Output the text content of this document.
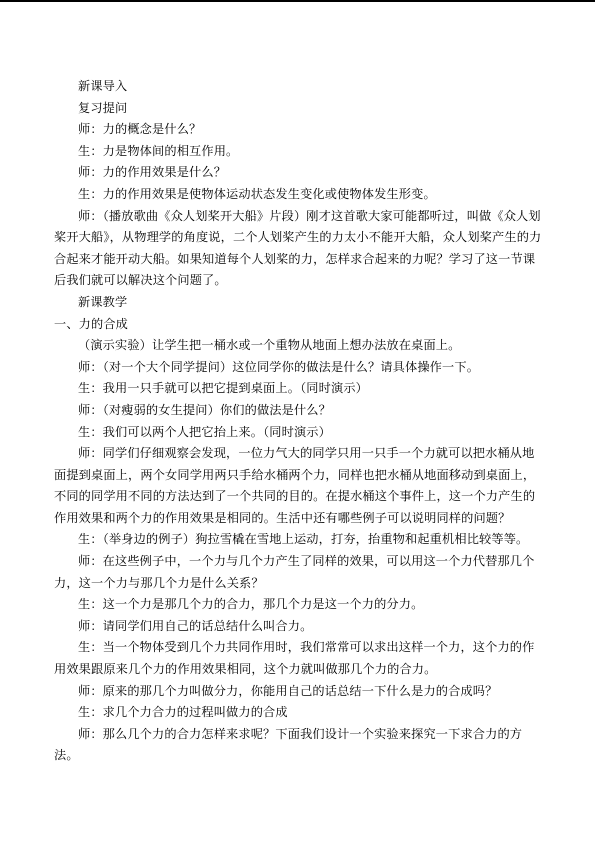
新课导入

复习提问

师：力的概念是什么？

生：力是物体间的相互作用。

师：力的作用效果是什么？

生：力的作用效果是使物体运动状态发生变化或使物体发生形变。

师：（播放歌曲《众人划桨开大船》片段）刚才这首歌大家可能都听过，叫做《众人划桨开大船》，从物理学的角度说，二个人划桨产生的力太小不能开大船，众人划桨产生的力合起来才能开动大船。如果知道每个人划桨的力，怎样求合起来的力呢？学习了这一节课后我们就可以解决这个问题了。

新课教学

一、力的合成

（演示实验）让学生把一桶水或一个重物从地面上想办法放在桌面上。

师：（对一个大个同学提问）这位同学你的做法是什么？请具体操作一下。

生：我用一只手就可以把它提到桌面上。（同时演示）

师：（对瘦弱的女生提问）你们的做法是什么？

生：我们可以两个人把它抬上来。（同时演示）

师：同学们仔细观察会发现，一位力气大的同学只用一只手一个力就可以把水桶从地面提到桌面上，两个女同学用两只手给水桶两个力，同样也把水桶从地面移动到桌面上，不同的同学用不同的方法达到了一个共同的目的。在提水桶这个事件上，这一个力产生的作用效果和两个力的作用效果是相同的。生活中还有哪些例子可以说明同样的问题？

生：（举身边的例子）狗拉雪橇在雪地上运动，打夯，抬重物和起重机相比较等等。

师：在这些例子中，一个力与几个力产生了同样的效果，可以用这一个力代替那几个力，这一个力与那几个力是什么关系？

生：这一个力是那几个力的合力，那几个力是这一个力的分力。

师：请同学们用自己的话总结什么叫合力。

生：当一个物体受到几个力共同作用时，我们常常可以求出这样一个力，这个力的作用效果跟原来几个力的作用效果相同，这个力就叫做那几个力的合力。

师：原来的那几个力叫做分力，你能用自己的话总结一下什么是力的合成吗？

生：求几个力合力的过程叫做力的合成

师：那么几个力的合力怎样来求呢？下面我们设计一个实验来探究一下求合力的方法。
